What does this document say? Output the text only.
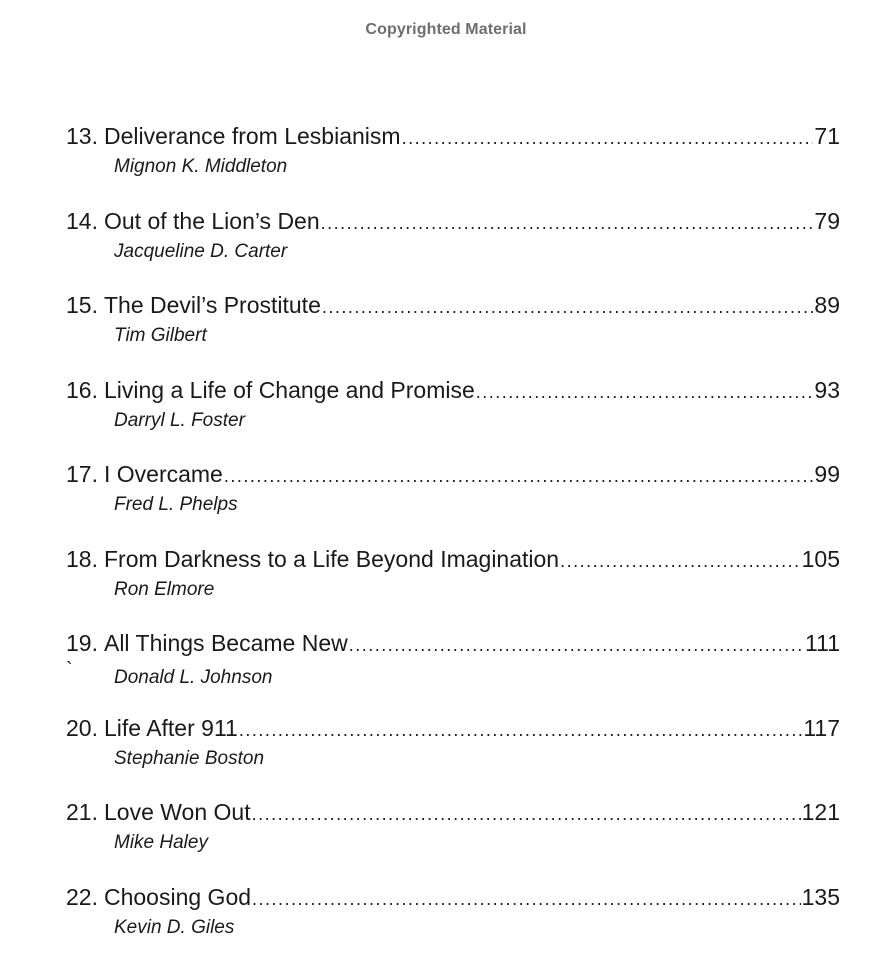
Copyrighted Material
13. Deliverance from Lesbianism .....	71
Mignon K. Middleton
14. Out of the Lion’s Den .....	79
Jacqueline D. Carter
15. The Devil’s Prostitute .....	89
Tim Gilbert
16. Living a Life of Change and Promise .....	93
Darryl L. Foster
17. I Overcame .....	99
Fred L. Phelps
18. From Darkness to a Life Beyond Imagination .....	105
Ron Elmore
19. All Things Became New .....	111
` Donald L. Johnson
20. Life After 911 .....	117
Stephanie Boston
21. Love Won Out .....	121
Mike Haley
22. Choosing God .....	135
Kevin D. Giles
